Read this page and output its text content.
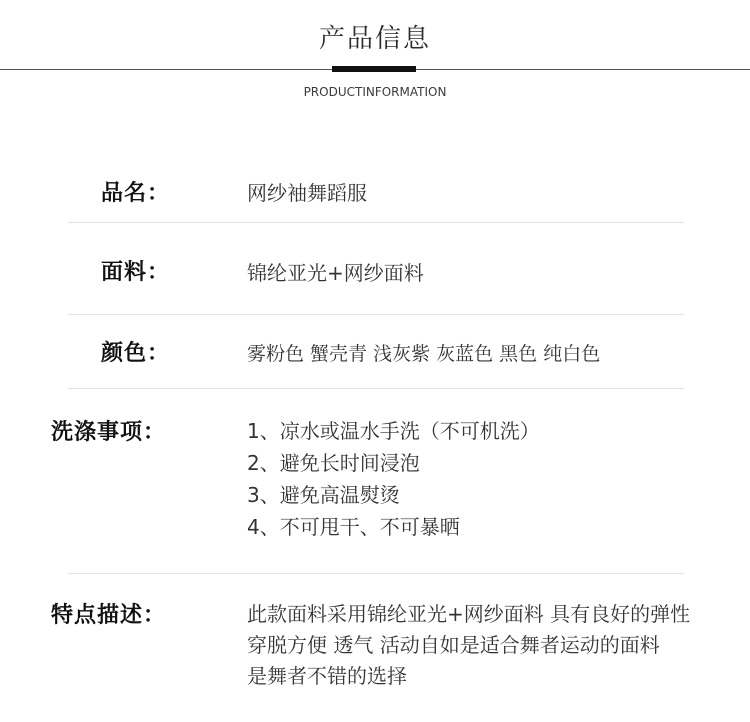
产品信息
PRODUCTINFORMATION
品名：	网纱袖舞蹈服
面料：	锦纶亚光+网纱面料
颜色：	雾粉色 蟹壳青 浅灰紫 灰蓝色 黑色 纯白色
洗涤事项：	1、凉水或温水手洗（不可机洗）
2、避免长时间浸泡
3、避免高温熨烫
4、不可甩干、不可暴晒
特点描述：	此款面料采用锦纶亚光+网纱面料 具有良好的弹性
穿脱方便 透气 活动自如是适合舞者运动的面料
是舞者不错的选择
